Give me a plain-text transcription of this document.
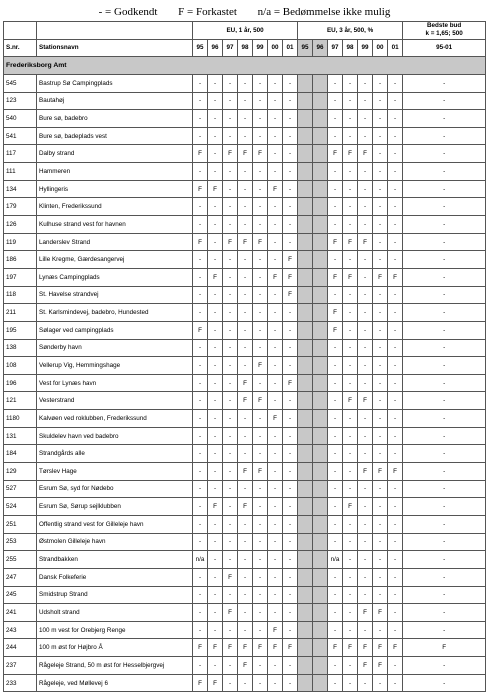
- = Godkendt F = Forkastet n/a = Bedømmelse ikke mulig
		EU, 1 år, 500							EU, 3 år, 500, %							Bedste bud
k = 1,65; 500
S.nr.	Stationsnavn	95	96	97	98	99	00	01	95	96	97	98	99	00	01	95-01
Frederiksborg Amt																
545	Bastrup Sø Campingplads	-	-	-	-	-	-	-			-	-	-	-	-	-
123	Bautahøj	-	-	-	-	-	-	-			-	-	-	-	-	-
540	Bure sø, badebro	-	-	-	-	-	-	-			-	-	-	-	-	-
541	Bure sø, badeplads vest	-	-	-	-	-	-	-			-	-	-	-	-	-
117	Dalby strand	F	-	F	F	F	-	-			F	F	F	-	-	-
111	Hammeren	-	-	-	-	-	-	-			-	-	-	-	-	-
134	Hyllingeris	F	F	-	-	-	F	-			-	-	-	-	-	-
179	Klinten, Frederikssund	-	-	-	-	-	-	-			-	-	-	-	-	-
126	Kulhuse strand vest for havnen	-	-	-	-	-	-	-			-	-	-	-	-	-
119	Landerslev Strand	F	-	F	F	F	-	-			F	F	F	-	-	-
186	Lille Kregme, Gærdesangervej	-	-	-	-	-	-	F			-	-	-	-	-	-
197	Lynæs Campingplads	-	F	-	-	-	F	F			F	F	-	F	F	-
118	St. Havelse strandvej	-	-	-	-	-	-	F			-	-	-	-	-	-
211	St. Karlsmindevej, badebro, Hundested	-	-	-	-	-	-	-			F	-	-	-	-	-
195	Sølager ved campingplads	F	-	-	-	-	-	-			F	-	-	-	-	-
138	Sønderby havn	-	-	-	-	-	-	-			-	-	-	-	-	-
108	Vellerup Vig, Hemmingshage	-	-	-	-	F	-	-			-	-	-	-	-	-
196	Vest for Lynæs havn	-	-	-	F	-	-	F			-	-	-	-	-	-
121	Vesterstrand	-	-	-	F	F	-	-			-	F	F	-	-	-
1180	Kalvøen ved roklubben, Frederikssund	-	-	-	-	-	F	-			-	-	-	-	-	-
131	Skuldelev havn ved badebro	-	-	-	-	-	-	-			-	-	-	-	-	-
184	Strandgårds alle	-	-	-	-	-	-	-			-	-	-	-	-	-
129	Tørslev Hage	-	-	-	F	F	-	-			-	-	F	F	F	-
527	Esrum Sø, syd for Nødebo	-	-	-	-	-	-	-			-	-	-	-	-	-
524	Esrum Sø, Sørup sejlklubben	-	F	-	F	-	-	-			-	F	-	-	-	-
251	Offentlig strand vest for Gilleleje havn	-	-	-	-	-	-	-			-	-	-	-	-	-
253	Østmolen Gilleleje havn	-	-	-	-	-	-	-			-	-	-	-	-	-
255	Strandbakken	n/a	-	-	-	-	-	-			n/a	-	-	-	-	-
247	Dansk Folkeferie	-	-	F	-	-	-	-			-	-	-	-	-	-
245	Smidstrup Strand	-	-	-	-	-	-	-			-	-	-	-	-	-
241	Udsholt strand	-	-	F	-	-	-	-			-	-	F	F	-	-
243	100 m vest for Orebjerg Renge	-	-	-	-	-	F	-			-	-	-	-	-	-
244	100 m øst for Højbro Å	F	F	F	F	F	F	F			F	F	F	F	F	F
237	Rågeleje Strand, 50 m øst for Hesselbjergvej	-	-	-	F	-	-	-			-	-	F	F	-	-
233	Rågeleje, ved Møllevej 6	F	F	-	-	-	-	-			-	-	-	-	-	-
